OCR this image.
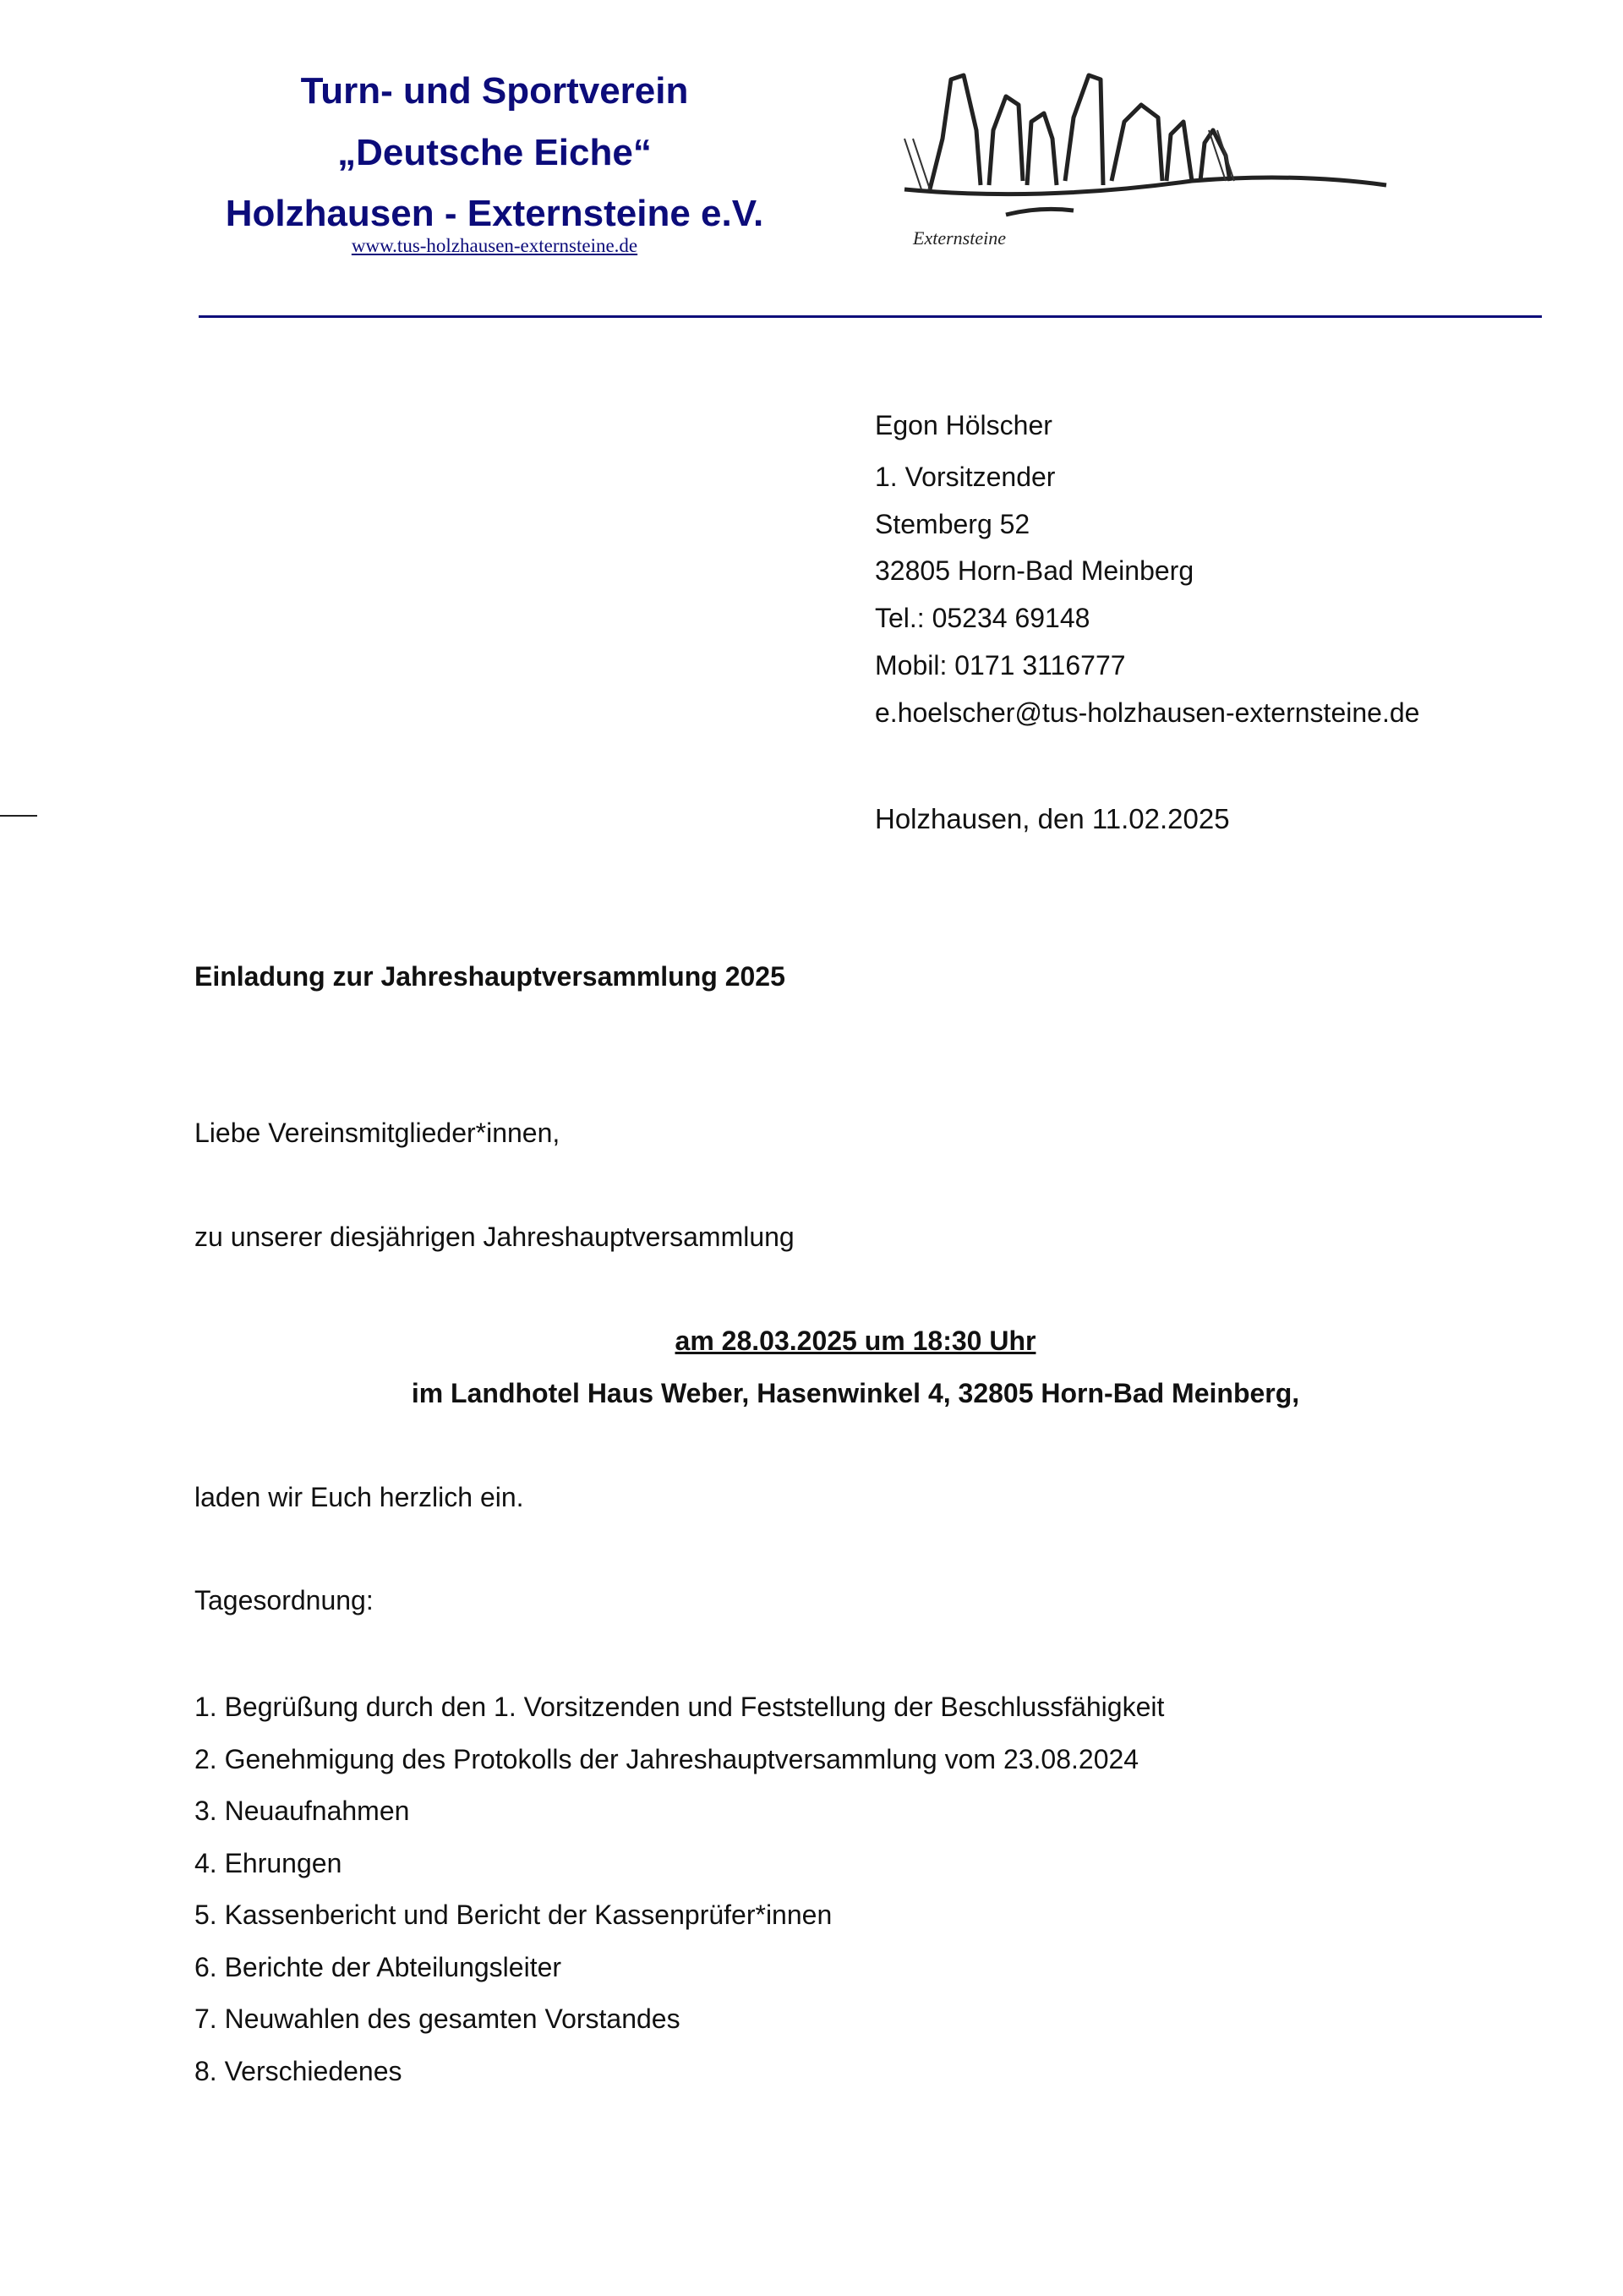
Turn- und Sportverein
„Deutsche Eiche“
Holzhausen - Externsteine e.V.
www.tus-holzhausen-externsteine.de	Externsteine
Egon Hölscher
1. Vorsitzender
Stemberg 52
32805 Horn-Bad Meinberg
Tel.: 05234 69148
Mobil: 0171 3116777
e.hoelscher@tus-holzhausen-externsteine.de
Holzhausen, den 11.02.2025
Einladung zur Jahreshauptversammlung 2025
Liebe Vereinsmitglieder*innen,
zu unserer diesjährigen Jahreshauptversammlung
am 28.03.2025 um 18:30 Uhr
im Landhotel Haus Weber, Hasenwinkel 4, 32805 Horn-Bad Meinberg,
laden wir Euch herzlich ein.
Tagesordnung:
1. Begrüßung durch den 1. Vorsitzenden und Feststellung der Beschlussfähigkeit
2. Genehmigung des Protokolls der Jahreshauptversammlung vom 23.08.2024
3. Neuaufnahmen
4. Ehrungen
5. Kassenbericht und Bericht der Kassenprüfer*innen
6. Berichte der Abteilungsleiter
7. Neuwahlen des gesamten Vorstandes
8. Verschiedenes
